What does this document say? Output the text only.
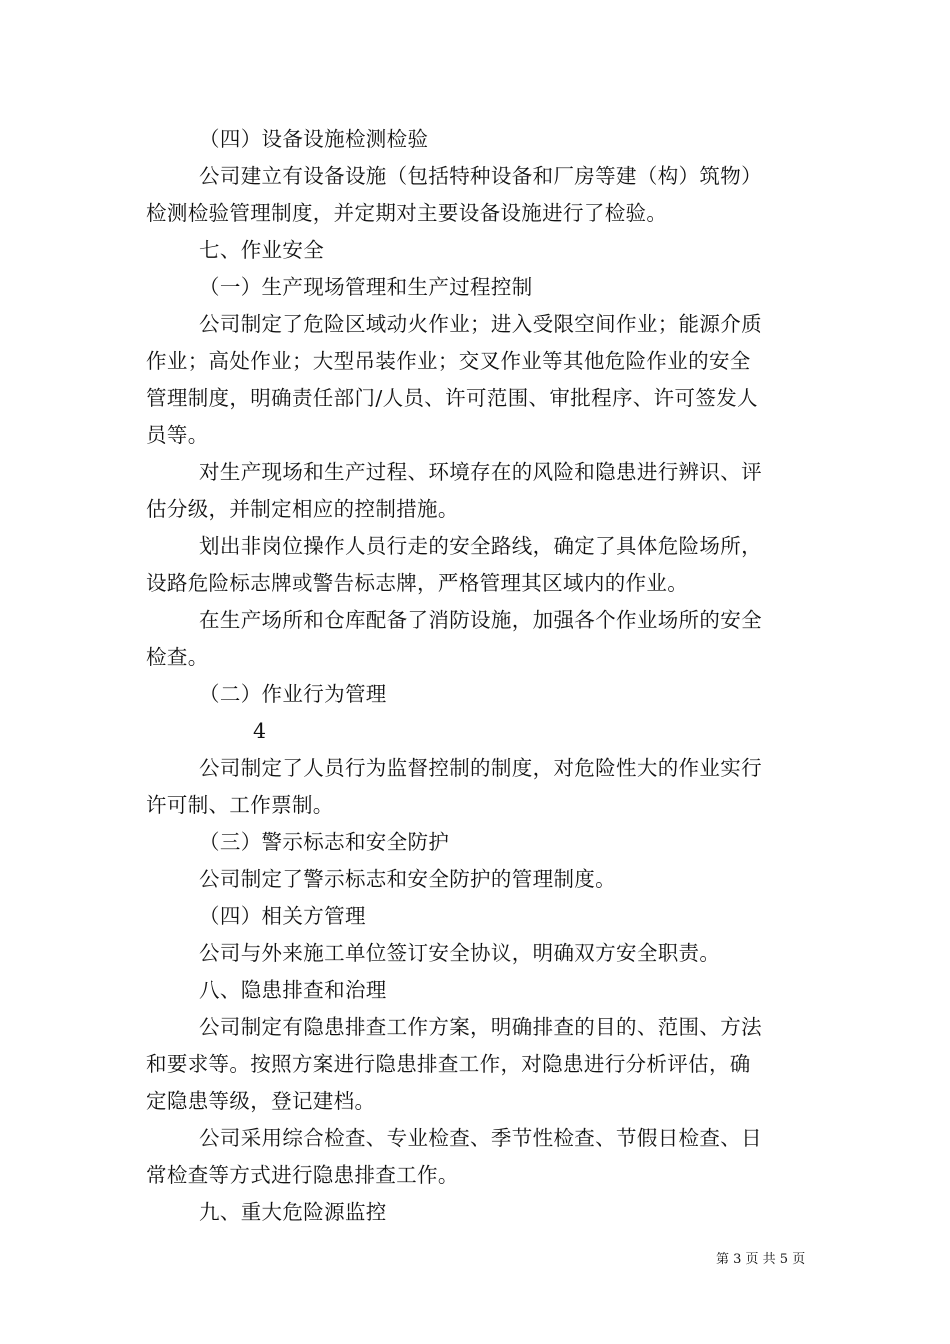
（四）设备设施检测检验
公司建立有设备设施（包括特种设备和厂房等建（构）筑物）
检测检验管理制度，并定期对主要设备设施进行了检验。
七、作业安全
（一）生产现场管理和生产过程控制
公司制定了危险区域动火作业；进入受限空间作业；能源介质
作业；高处作业；大型吊装作业；交叉作业等其他危险作业的安全
管理制度，明确责任部门/人员、许可范围、审批程序、许可签发人
员等。
对生产现场和生产过程、环境存在的风险和隐患进行辨识、评
估分级，并制定相应的控制措施。
划出非岗位操作人员行走的安全路线，确定了具体危险场所，
设路危险标志牌或警告标志牌，严格管理其区域内的作业。
在生产场所和仓库配备了消防设施，加强各个作业场所的安全
检查。
（二）作业行为管理
4
公司制定了人员行为监督控制的制度，对危险性大的作业实行
许可制、工作票制。
（三）警示标志和安全防护
公司制定了警示标志和安全防护的管理制度。
（四）相关方管理
公司与外来施工单位签订安全协议，明确双方安全职责。
八、隐患排查和治理
公司制定有隐患排查工作方案，明确排查的目的、范围、方法
和要求等。按照方案进行隐患排查工作，对隐患进行分析评估，确
定隐患等级，登记建档。
公司采用综合检查、专业检查、季节性检查、节假日检查、日
常检查等方式进行隐患排查工作。
九、重大危险源监控
第 3 页 共 5 页
